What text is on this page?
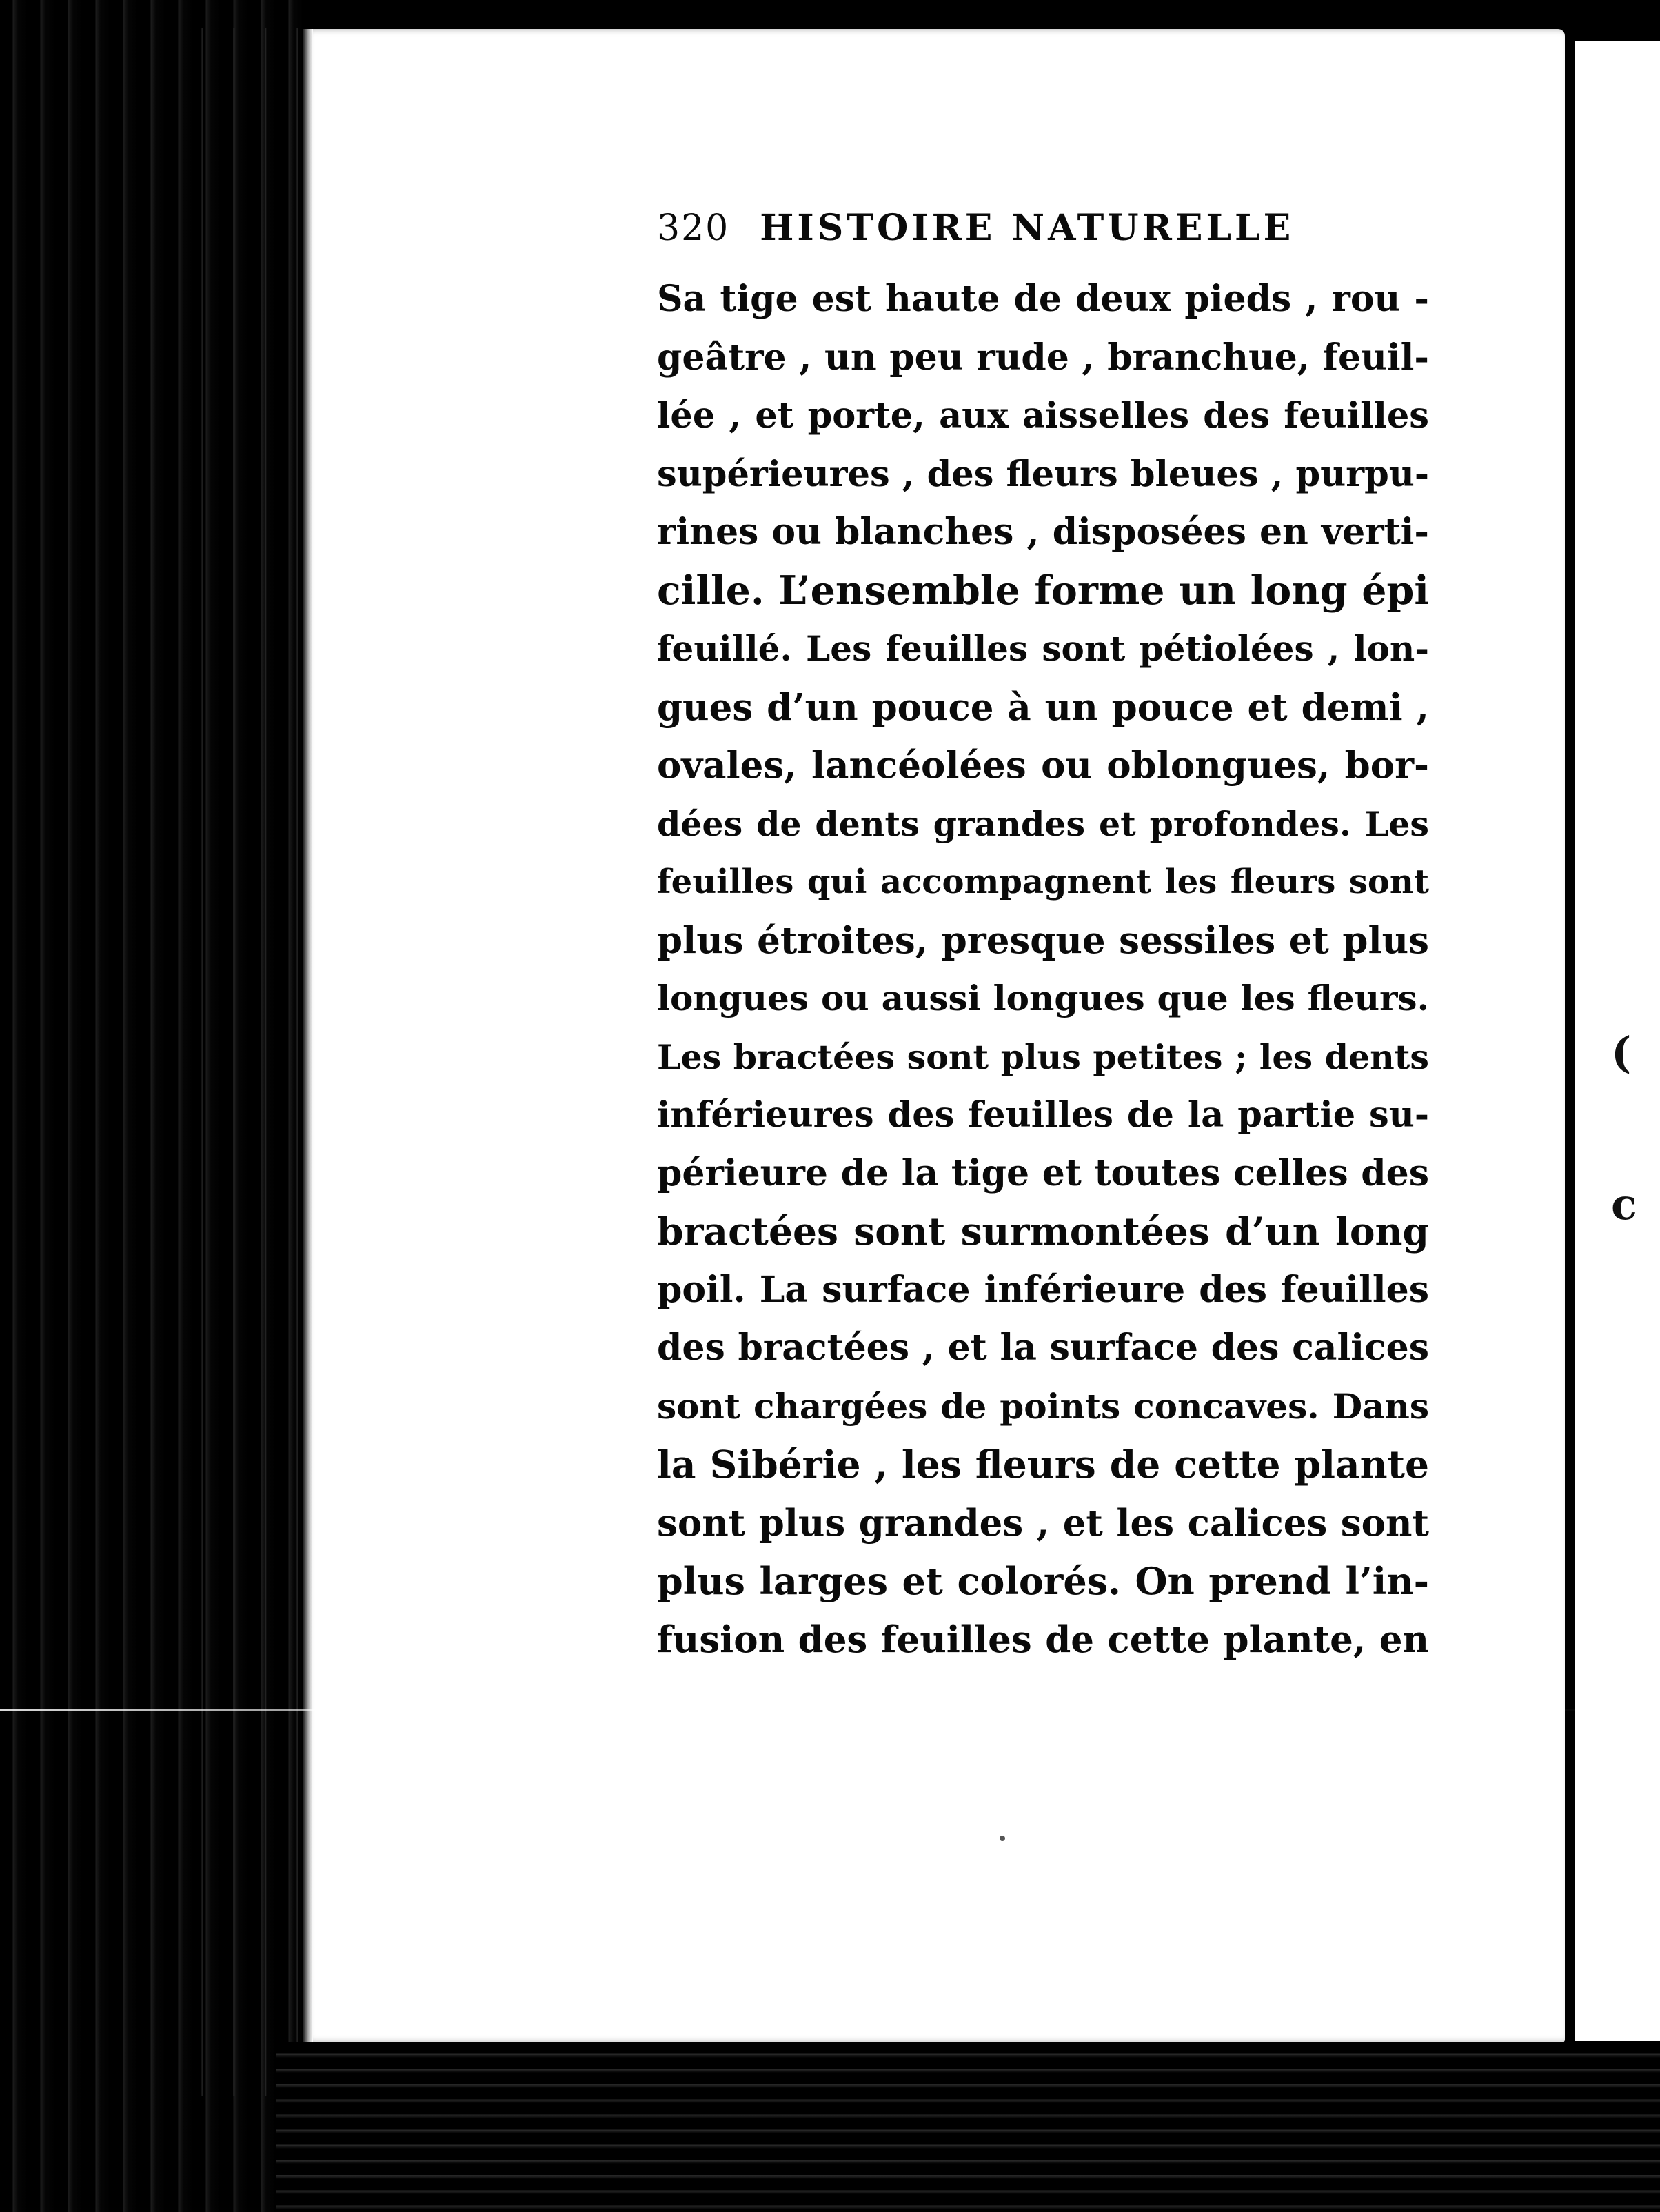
(
c
320 HISTOIRE NATURELLE
Sa tige est haute de deux pieds , rou -
geâtre , un peu rude , branchue, feuil-
lée , et porte, aux aisselles des feuilles
supérieures , des fleurs bleues , purpu-
rines ou blanches , disposées en verti-
cille. L’ensemble forme un long épi
feuillé. Les feuilles sont pétiolées , lon-
gues d’un pouce à un pouce et demi ,
ovales, lancéolées ou oblongues, bor-
dées de dents grandes et profondes. Les
feuilles qui accompagnent les fleurs sont
plus étroites, presque sessiles et plus
longues ou aussi longues que les fleurs.
Les bractées sont plus petites ; les dents
inférieures des feuilles de la partie su-
périeure de la tige et toutes celles des
bractées sont surmontées d’un long
poil. La surface inférieure des feuilles
des bractées , et la surface des calices
sont chargées de points concaves. Dans
la Sibérie , les fleurs de cette plante
sont plus grandes , et les calices sont
plus larges et colorés. On prend l’in-
fusion des feuilles de cette plante, en
